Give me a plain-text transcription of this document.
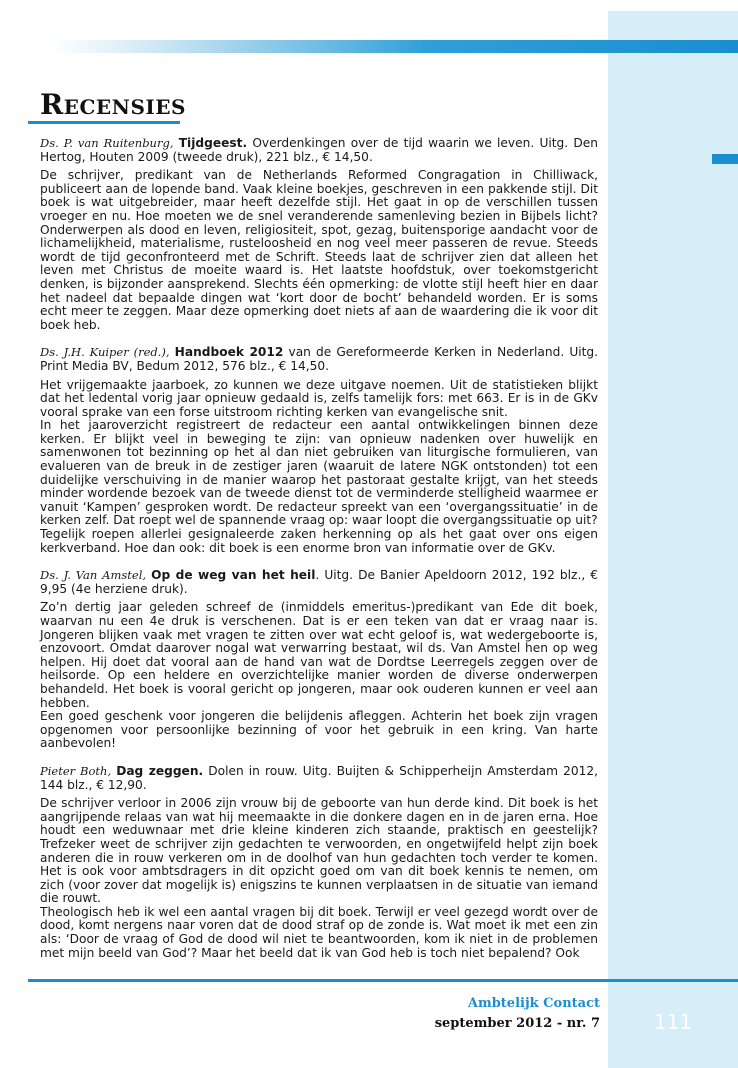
Recensies

Ds. P. van Ruitenburg, Tijdgeest. Overdenkingen over de tijd waarin we leven. Uitg. Den Hertog, Houten 2009 (tweede druk), 221 blz., € 14,50.

De schrijver, predikant van de Netherlands Reformed Congragation in Chilliwack, publiceert aan de lopende band. Vaak kleine boekjes, geschreven in een pakkende stijl. Dit boek is wat uitgebreider, maar heeft dezelfde stijl. Het gaat in op de verschillen tussen vroeger en nu. Hoe moeten we de snel veranderende samenleving bezien in Bijbels licht? Onderwerpen als dood en leven, religiositeit, spot, gezag, buitensporige aandacht voor de lichamelijkheid, materialisme, rusteloosheid en nog veel meer passeren de revue. Steeds wordt de tijd geconfronteerd met de Schrift. Steeds laat de schrijver zien dat alleen het leven met Christus de moeite waard is. Het laatste hoofdstuk, over toekomstgericht denken, is bijzonder aansprekend. Slechts één opmerking: de vlotte stijl heeft hier en daar het nadeel dat bepaalde dingen wat ‘kort door de bocht’ behandeld worden. Er is soms echt meer te zeggen. Maar deze opmerking doet niets af aan de waardering die ik voor dit boek heb.

Ds. J.H. Kuiper (red.), Handboek 2012 van de Gereformeerde Kerken in Nederland. Uitg. Print Media BV, Bedum 2012, 576 blz., € 14,50.

Het vrijgemaakte jaarboek, zo kunnen we deze uitgave noemen. Uit de statistieken blijkt dat het ledental vorig jaar opnieuw gedaald is, zelfs tamelijk fors: met 663. Er is in de GKv vooral sprake van een forse uitstroom richting kerken van evangelische snit.

In het jaaroverzicht registreert de redacteur een aantal ontwikkelingen binnen deze kerken. Er blijkt veel in beweging te zijn: van opnieuw nadenken over huwelijk en samenwonen tot bezinning op het al dan niet gebruiken van liturgische formulieren, van evalueren van de breuk in de zestiger jaren (waaruit de latere NGK ontstonden) tot een duidelijke verschuiving in de manier waarop het pastoraat gestalte krijgt, van het steeds minder wordende bezoek van de tweede dienst tot de verminderde stelligheid waarmee er vanuit ‘Kampen’ gesproken wordt. De redacteur spreekt van een ‘overgangssituatie’ in de kerken zelf. Dat roept wel de spannende vraag op: waar loopt die overgangssituatie op uit?

Tegelijk roepen allerlei gesignaleerde zaken herkenning op als het gaat over ons eigen kerkverband. Hoe dan ook: dit boek is een enorme bron van informatie over de GKv.

Ds. J. Van Amstel, Op de weg van het heil. Uitg. De Banier Apeldoorn 2012, 192 blz., € 9,95 (4e herziene druk).

Zo’n dertig jaar geleden schreef de (inmiddels emeritus-)predikant van Ede dit boek, waarvan nu een 4e druk is verschenen. Dat is er een teken van dat er vraag naar is. Jongeren blijken vaak met vragen te zitten over wat echt geloof is, wat wedergeboorte is, enzovoort. Omdat daarover nogal wat verwarring bestaat, wil ds. Van Amstel hen op weg helpen. Hij doet dat vooral aan de hand van wat de Dordtse Leerregels zeggen over de heilsorde. Op een heldere en overzichtelijke manier worden de diverse onderwerpen behandeld. Het boek is vooral gericht op jongeren, maar ook ouderen kunnen er veel aan hebben.

Een goed geschenk voor jongeren die belijdenis afleggen. Achterin het boek zijn vragen opgenomen voor persoonlijke bezinning of voor het gebruik in een kring. Van harte aanbevolen!

Pieter Both, Dag zeggen. Dolen in rouw. Uitg. Buijten & Schipperheijn Amsterdam 2012, 144 blz., € 12,90.

De schrijver verloor in 2006 zijn vrouw bij de geboorte van hun derde kind. Dit boek is het aangrijpende relaas van wat hij meemaakte in die donkere dagen en in de jaren erna. Hoe houdt een weduwnaar met drie kleine kinderen zich staande, praktisch en geestelijk? Trefzeker weet de schrijver zijn gedachten te verwoorden, en ongetwijfeld helpt zijn boek anderen die in rouw verkeren om in de doolhof van hun gedachten toch verder te komen. Het is ook voor ambtsdragers in dit opzicht goed om van dit boek kennis te nemen, om zich (voor zover dat mogelijk is) enigszins te kunnen verplaatsen in de situatie van iemand die rouwt.

Theologisch heb ik wel een aantal vragen bij dit boek. Terwijl er veel gezegd wordt over de dood, komt nergens naar voren dat de dood straf op de zonde is. Wat moet ik met een zin als: ‘Door de vraag of God de dood wil niet te beantwoorden, kom ik niet in de problemen met mijn beeld van God’? Maar het beeld dat ik van God heb is toch niet bepalend? Ook

Ambtelijk Contact

september 2012 - nr. 7	111
